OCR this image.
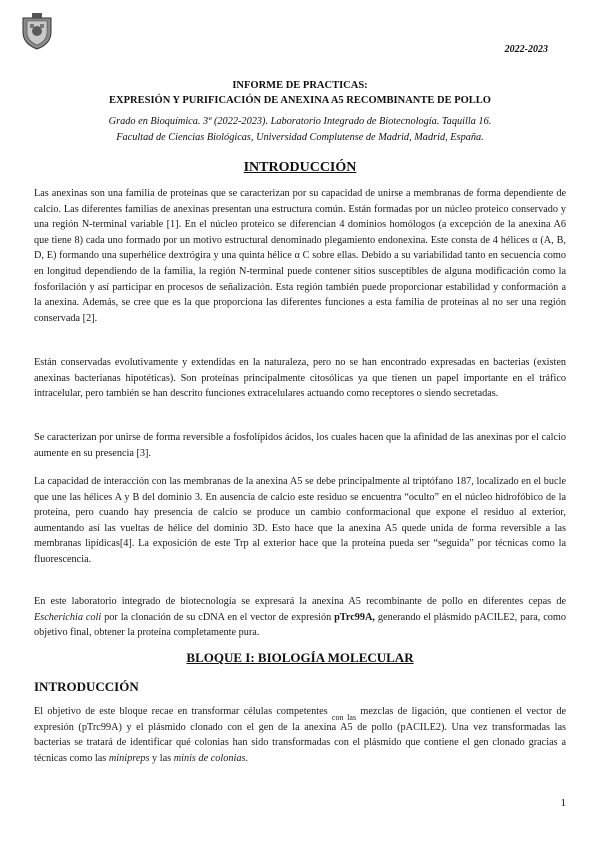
2022-2023
INFORME DE PRACTICAS:
EXPRESIÓN Y PURIFICACIÓN DE ANEXINA A5 RECOMBINANTE DE POLLO
Grado en Bioquímica. 3º (2022-2023). Laboratorio Integrado de Biotecnología. Taquilla 16.
Facultad de Ciencias Biológicas, Universidad Complutense de Madrid, Madrid, España.
INTRODUCCIÓN

Las anexinas son una familia de proteínas que se caracterizan por su capacidad de unirse a membranas de forma dependiente de calcio. Las diferentes familias de anexinas presentan una estructura común. Están formadas por un núcleo proteico conservado y una región N-terminal variable [1]. En el núcleo proteico se diferencian 4 dominios homólogos (a excepción de la anexina A6 que tiene 8) cada uno formado por un motivo estructural denominado plegamiento endonexina. Este consta de 4 hélices α (A, B, D, E) formando una superhélice dextrógira y una quinta hélice α C sobre ellas. Debido a su variabilidad tanto en secuencia como en longitud dependiendo de la familia, la región N-terminal puede contener sitios susceptibles de alguna modificación como la fosforilación y así participar en procesos de señalización. Esta región también puede proporcionar estabilidad y conformación a la anexina. Además, se cree que es la que proporciona las diferentes funciones a esta familia de proteínas al no ser una región conservada [2].

Están conservadas evolutivamente y extendidas en la naturaleza, pero no se han encontrado expresadas en bacterias (existen anexinas bacterianas hipotéticas). Son proteínas principalmente citosólicas ya que tienen un papel importante en el tráfico intracelular, pero también se han descrito funciones extracelulares actuando como receptores o siendo secretadas.

Se caracterizan por unirse de forma reversible a fosfolípidos ácidos, los cuales hacen que la afinidad de las anexinas por el calcio aumente en su presencia [3].

La capacidad de interacción con las membranas de la anexina A5 se debe principalmente al triptófano 187, localizado en el bucle que une las hélices A y B del dominio 3. En ausencia de calcio este residuo se encuentra “oculto” en el núcleo hidrofóbico de la proteína, pero cuando hay presencia de calcio se produce un cambio conformacional que expone el residuo al exterior, aumentando así las vueltas de hélice del dominio 3D. Esto hace que la anexina A5 quede unida de forma reversible a las membranas lipídicas[4]. La exposición de este Trp al exterior hace que la proteína pueda ser “seguida” por técnicas como la fluorescencia.

En este laboratorio integrado de biotecnología se expresará la anexina A5 recombinante de pollo en diferentes cepas de Escherichia coli por la clonación de su cDNA en el vector de expresión pTrc99A, generando el plásmido pACILE2, para, como objetivo final, obtener la proteína completamente pura.

BLOQUE I: BIOLOGÍA MOLECULAR
INTRODUCCIÓN

El objetivo de este bloque recae en transformar células competentes $_{con las}$ mezclas de ligación, que contienen el vector de expresión (pTrc99A) y el plásmido clonado con el gen de la anexina A5 de pollo (pACILE2). Una vez transformadas las bacterias se tratará de identificar qué colonias han sido transformadas con el plásmido que contiene el gen clonado gracias a técnicas como las minipreps y las minis de colonias.

1
